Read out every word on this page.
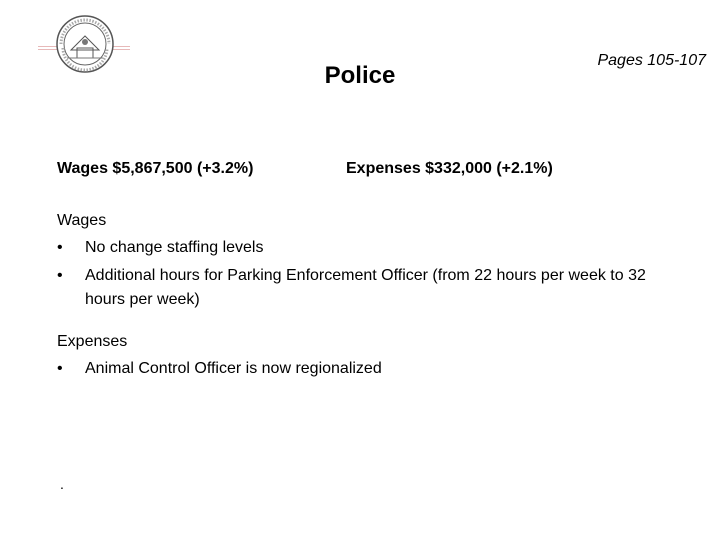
Pages 105-107
Police
Wages $5,867,500 (+3.2%)	Expenses $332,000 (+2.1%)
Wages
• No change staffing levels
• Additional hours for Parking Enforcement Officer (from 22 hours per week to 32 hours per week)
Expenses
• Animal Control Officer is now regionalized
.
